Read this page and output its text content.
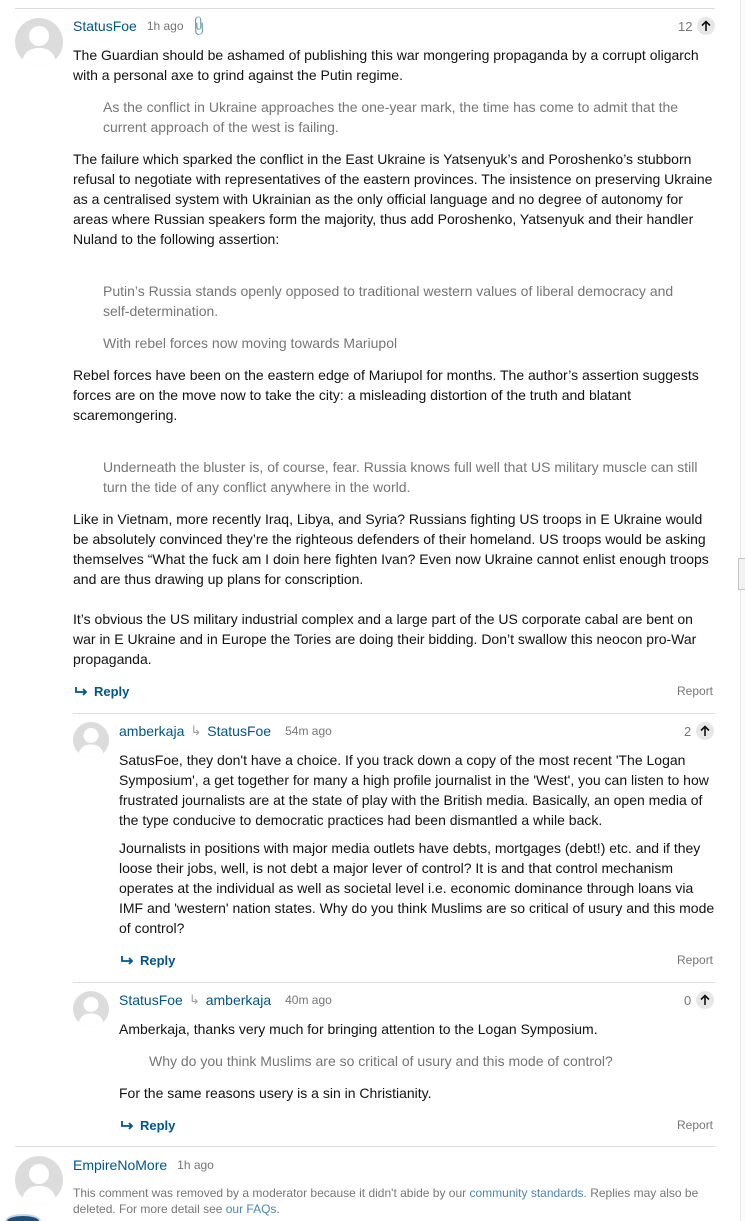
StatusFoe 1h ago 📎	12

The Guardian should be ashamed of publishing this war mongering propaganda by a corrupt oligarch with a personal axe to grind against the Putin regime.

As the conflict in Ukraine approaches the one-year mark, the time has come to admit that the current approach of the west is failing.

The failure which sparked the conflict in the East Ukraine is Yatsenyuk’s and Poroshenko’s stubborn refusal to negotiate with representatives of the eastern provinces. The insistence on preserving Ukraine as a centralised system with Ukrainian as the only official language and no degree of autonomy for areas where Russian speakers form the majority, thus add Poroshenko, Yatsenyuk and their handler Nuland to the following assertion:

Putin’s Russia stands openly opposed to traditional western values of liberal democracy and self-determination.

With rebel forces now moving towards Mariupol

Rebel forces have been on the eastern edge of Mariupol for months. The author’s assertion suggests forces are on the move now to take the city: a misleading distortion of the truth and blatant scaremongering.

Underneath the bluster is, of course, fear. Russia knows full well that US military muscle can still turn the tide of any conflict anywhere in the world.

Like in Vietnam, more recently Iraq, Libya, and Syria? Russians fighting US troops in E Ukraine would be absolutely convinced they’re the righteous defenders of their homeland. US troops would be asking themselves “What the fuck am I doin here fighten Ivan? Even now Ukraine cannot enlist enough troops and are thus drawing up plans for conscription.

It’s obvious the US military industrial complex and a large part of the US corporate cabal are bent on war in E Ukraine and in Europe the Tories are doing their bidding. Don’t swallow this neocon pro-War propaganda.

Reply	Report
amberkaja ↳ StatusFoe 54m ago	2

SatusFoe, they don't have a choice. If you track down a copy of the most recent 'The Logan Symposium', a get together for many a high profile journalist in the 'West', you can listen to how frustrated journalists are at the state of play with the British media. Basically, an open media of the type conducive to democratic practices had been dismantled a while back.

Journalists in positions with major media outlets have debts, mortgages (debt!) etc. and if they loose their jobs, well, is not debt a major lever of control? It is and that control mechanism operates at the individual as well as societal level i.e. economic dominance through loans via IMF and 'western' nation states. Why do you think Muslims are so critical of usury and this mode of control?

Reply	Report
StatusFoe ↳ amberkaja 40m ago	0

Amberkaja, thanks very much for bringing attention to the Logan Symposium.

Why do you think Muslims are so critical of usury and this mode of control?

For the same reasons usery is a sin in Christianity.

Reply	Report
EmpireNoMore 1h ago

This comment was removed by a moderator because it didn't abide by our community standards. Replies may also be deleted. For more detail see our FAQs.
